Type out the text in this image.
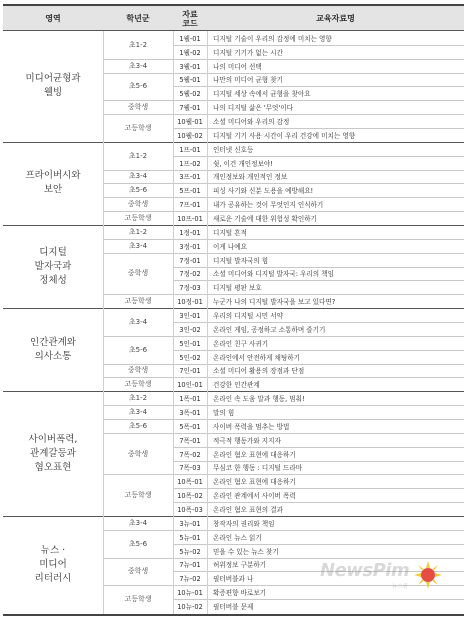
영역	학년군	자료
코드	교육자료명
미디어균형과
웰빙
초1-2
1웰-01	디지털 기술이 우리의 감정에 미치는 영향
1웰-02	디지털 기기가 없는 시간
초3-4	3웰-01	나의 미디어 선택
초5-6
5웰-01	나만의 미디어 균형 찾기
5웰-02	디지털 세상 속에서 균형을 찾아요
중학생	7웰-01	나의 디지털 삶은 '무엇'이다
고등학생
10웰-01	소셜 미디어와 우리의 감정
10웰-02	디지털 기기 사용 시간이 우리 건강에 미치는 영향
프라이버시와
보안
초1-2
1프-01	인터넷 신호등
1프-02	쉿, 이건 개인정보야!
초3-4	3프-01	개인정보와 개인적인 정보
초5-6	5프-01	피싱 사기와 신분 도용을 예방해요!
중학생	7프-01	내가 공유하는 것이 무엇인지 인식하기
고등학생	10프-01	새로운 기술에 대한 위험성 확인하기
디지털
발자국과
정체성
초1-2	1정-01	디지털 흔적
초3-4	3정-01	이게 나예요
중학생
7정-01	디지털 발자국의 힘
7정-02	소셜 미디어와 디지털 발자국: 우리의 책임
7정-03	디지털 평판 보호
고등학생	10정-01	누군가 나의 디지털 발자국을 보고 있다면?
인간관계와
의사소통
초3-4
3인-01	우리의 디지털 시민 서약
3인-02	온라인 게임, 공정하고 소통하며 즐기기
초5-6
5인-01	온라인 친구 사귀기
5인-02	온라인에서 안전하게 채팅하기
중학생	7인-01	소셜 미디어 활용의 장점과 단점
고등학생	10인-01	건강한 인간관계
사이버폭력,
관계갈등과
혐오표현
초1-2	1폭-01	온라인 속 도움 말과 행동, 멈춰!
초3-4	3폭-01	말의 힘
초5-6	5폭-01	사이버 폭력을 멈추는 방법
중학생
7폭-01	적극적 행동가와 지지자
7폭-02	온라인 혐오 표현에 대응하기
7폭-03	무심코 한 행동 : 디지털 드라마
고등학생
10폭-01	온라인 혐오 표현에 대응하기
10폭-02	온라인 관계에서 사이버 폭력
10폭-03	온라인 혐오 표현의 결과
뉴스 ·
미디어
리터러시
초3-4	3뉴-01	창작자의 권리와 책임
초5-6
5뉴-01	온라인 뉴스 읽기
5뉴-02	믿을 수 있는 뉴스 찾기
중학생
7뉴-01	허위정보 구분하기
7뉴-02	필터버블과 나
고등학생
10뉴-01	확증편향 바로보기
10뉴-02	필터버블 문제
NewsPim
뉴스핌
